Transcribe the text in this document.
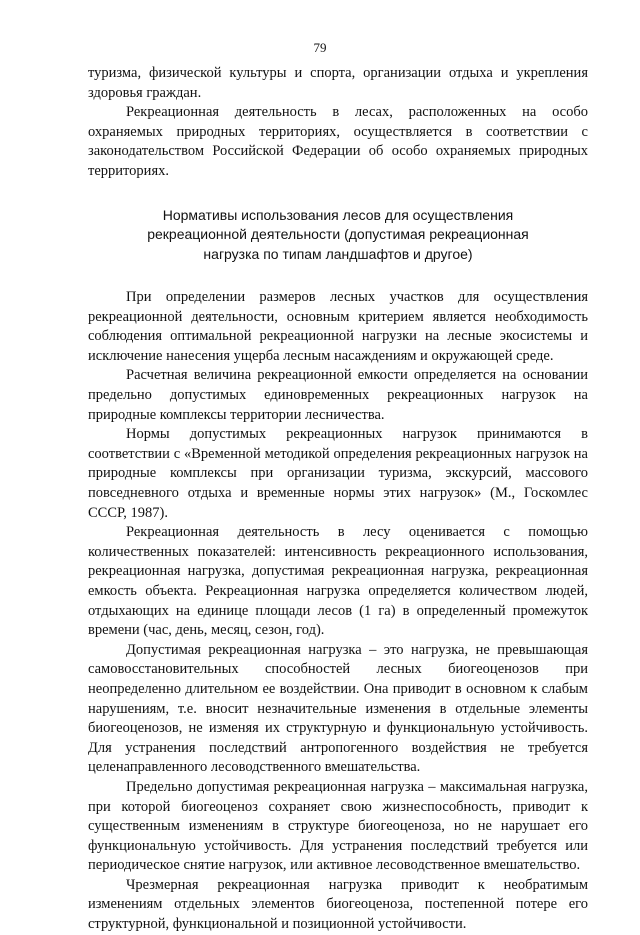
79

туризма, физической культуры и спорта, организации отдыха и укрепления здоровья граждан.

Рекреационная деятельность в лесах, расположенных на особо охраняемых природных территориях, осуществляется в соответствии с законодательством Российской Федерации об особо охраняемых природных территориях.

Нормативы использования лесов для осуществления
рекреационной деятельности (допустимая рекреационная
нагрузка по типам ландшафтов и другое)

При определении размеров лесных участков для осуществления рекреационной деятельности, основным критерием является необходимость соблюдения оптимальной рекреационной нагрузки на лесные экосистемы и исключение нанесения ущерба лесным насаждениям и окружающей среде.

Расчетная величина рекреационной емкости определяется на основании предельно допустимых единовременных рекреационных нагрузок на природные комплексы территории лесничества.

Нормы допустимых рекреационных нагрузок принимаются в соответствии с «Временной методикой определения рекреационных нагрузок на природные комплексы при организации туризма, экскурсий, массового повседневного отдыха и временные нормы этих нагрузок» (М., Госкомлес СССР, 1987).

Рекреационная деятельность в лесу оценивается с помощью количественных показателей: интенсивность рекреационного использования, рекреационная нагрузка, допустимая рекреационная нагрузка, рекреационная емкость объекта. Рекреационная нагрузка определяется количеством людей, отдыхающих на единице площади лесов (1 га) в определенный промежуток времени (час, день, месяц, сезон, год).

Допустимая рекреационная нагрузка – это нагрузка, не превышающая самовосстановительных способностей лесных биогеоценозов при неопределенно длительном ее воздействии. Она приводит в основном к слабым нарушениям, т.е. вносит незначительные изменения в отдельные элементы биогеоценозов, не изменяя их структурную и функциональную устойчивость. Для устранения последствий антропогенного воздействия не требуется целенаправленного лесоводственного вмешательства.

Предельно допустимая рекреационная нагрузка – максимальная нагрузка, при которой биогеоценоз сохраняет свою жизнеспособность, приводит к существенным изменениям в структуре биогеоценоза, но не нарушает его функциональную устойчивость. Для устранения последствий требуется или периодическое снятие нагрузок, или активное лесоводственное вмешательство.

Чрезмерная рекреационная нагрузка приводит к необратимым изменениям отдельных элементов биогеоценоза, постепенной потере его структурной, функциональной и позиционной устойчивости.
